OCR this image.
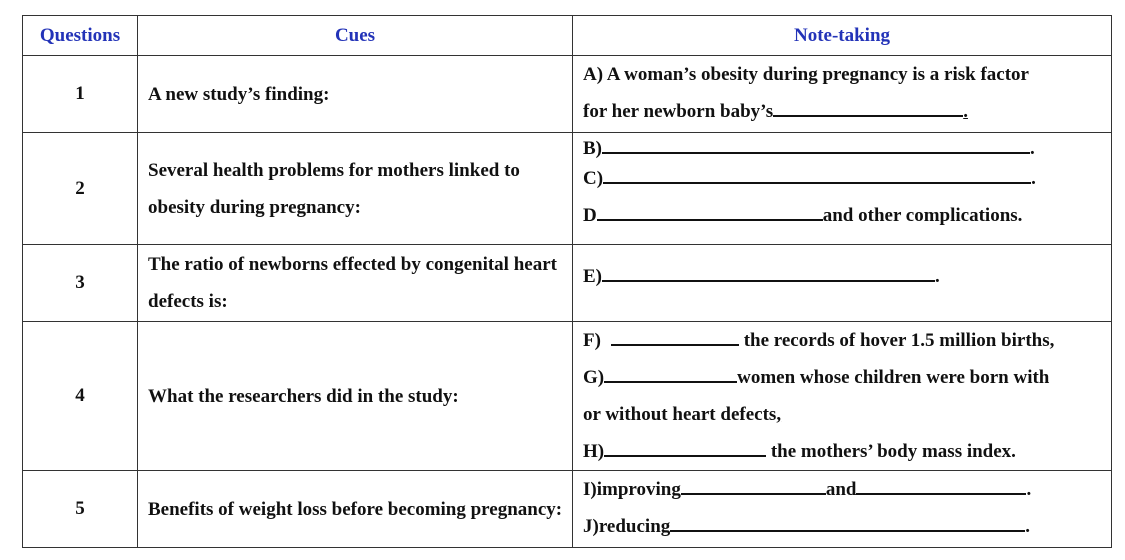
Questions	Cues	Note-taking
1	A new study’s finding:	A) A woman’s obesity during pregnancy is a risk factor
for her newborn baby’s .

2	Several health problems for mothers linked to obesity during pregnancy:	B) .
C) .
D and other complications.

3	The ratio of newborns effected by congenital heart defects is:	E) .

4	What the researchers did in the study:	F) the records of hover 1.5 million births,
G) women whose children were born with
or without heart defects,
H) the mothers’ body mass index.

5	Benefits of weight loss before becoming pregnancy:	I)improving and .
J)reducing .
